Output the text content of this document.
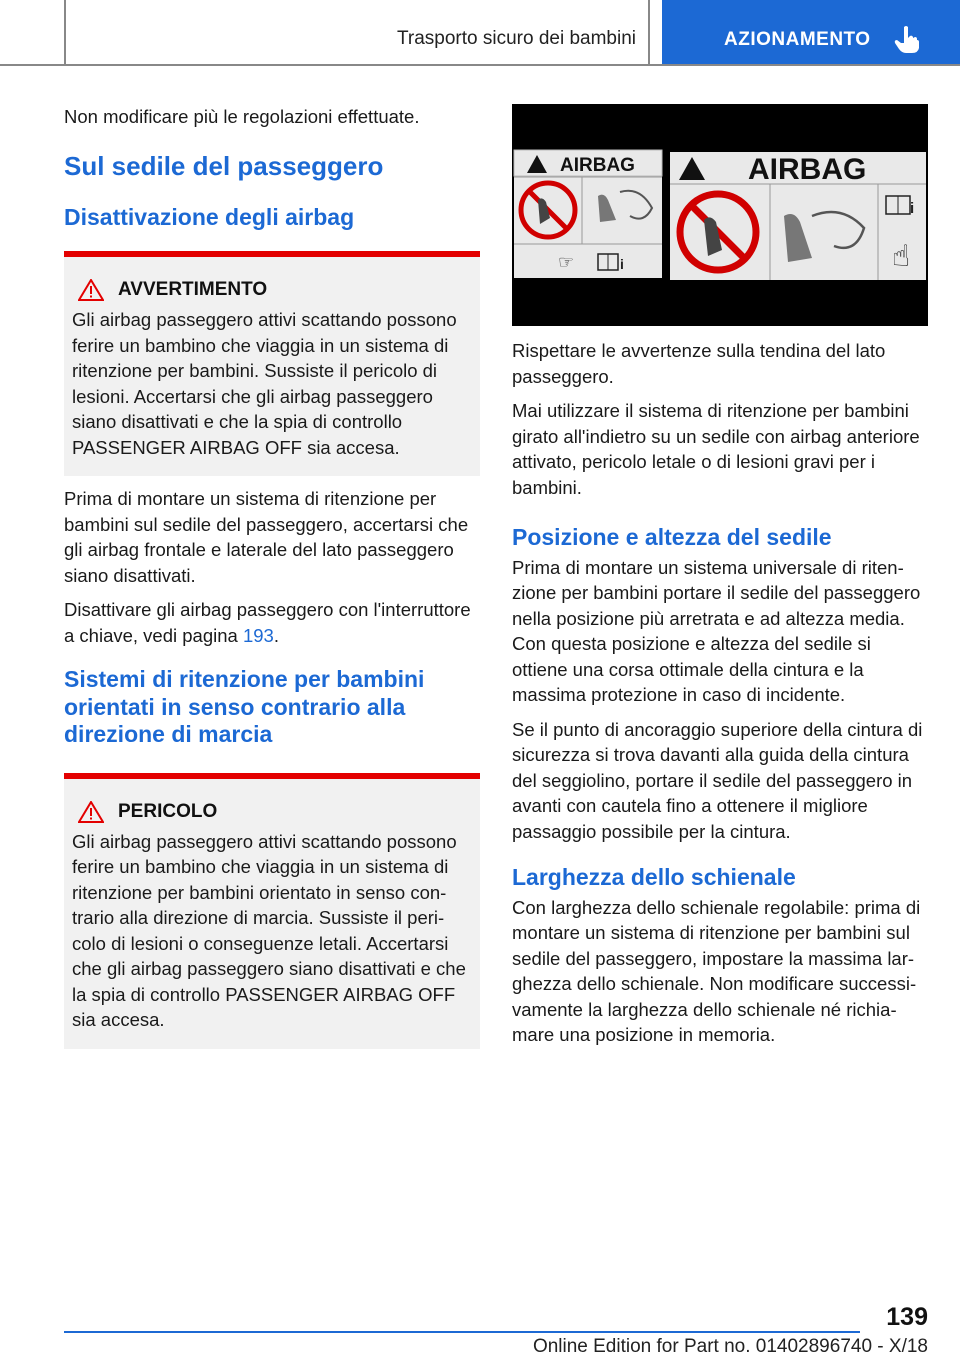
Trasporto sicuro dei bambini	AZIONAMENTO

Non modificare più le regolazioni effettuate.

Sul sedile del passeggero
Disattivazione degli airbag
AVVERTIMENTO
Gli airbag passeggero attivi scattando possono ferire un bambino che viaggia in un sistema di ritenzione per bambini. Sussiste il pericolo di lesioni. Accertarsi che gli airbag passeggero siano disattivati e che la spia di controllo PASSENGER AIRBAG OFF sia accesa.

Prima di montare un sistema di ritenzione per bambini sul sedile del passeggero, accertarsi che gli airbag frontale e laterale del lato passeggero siano disattivati.

Disattivare gli airbag passeggero con l'interruttore a chiave, vedi pagina 193.

Sistemi di ritenzione per bambini orientati in senso contrario alla direzione di marcia
PERICOLO
Gli airbag passeggero attivi scattando possono ferire un bambino che viaggia in un sistema di ritenzione per bambini orientato in senso contrario alla direzione di marcia. Sussiste il pericolo di lesioni o conseguenze letali. Accertarsi che gli airbag passeggero siano disattivati e che la spia di controllo PASSENGER AIRBAG OFF sia accesa.
AIRBAG
☞	i
AIRBAG
i
☝

Rispettare le avvertenze sulla tendina del lato passeggero.

Mai utilizzare il sistema di ritenzione per bambini girato all'indietro su un sedile con airbag anteriore attivato, pericolo letale o di lesioni gravi per i bambini.

Posizione e altezza del sedile

Prima di montare un sistema universale di ritenzione per bambini portare il sedile del passeggero nella posizione più arretrata e ad altezza media. Con questa posizione e altezza del sedile si ottiene una corsa ottimale della cintura e la massima protezione in caso di incidente.

Se il punto di ancoraggio superiore della cintura di sicurezza si trova davanti alla guida della cintura del seggiolino, portare il sedile del passeggero in avanti con cautela fino a ottenere il migliore passaggio possibile per la cintura.

Larghezza dello schienale

Con larghezza dello schienale regolabile: prima di montare un sistema di ritenzione per bambini sul sedile del passeggero, impostare la massima larghezza dello schienale. Non modificare successivamente la larghezza dello schienale né richiamare una posizione in memoria.

139
Online Edition for Part no. 01402896740 - X/18
